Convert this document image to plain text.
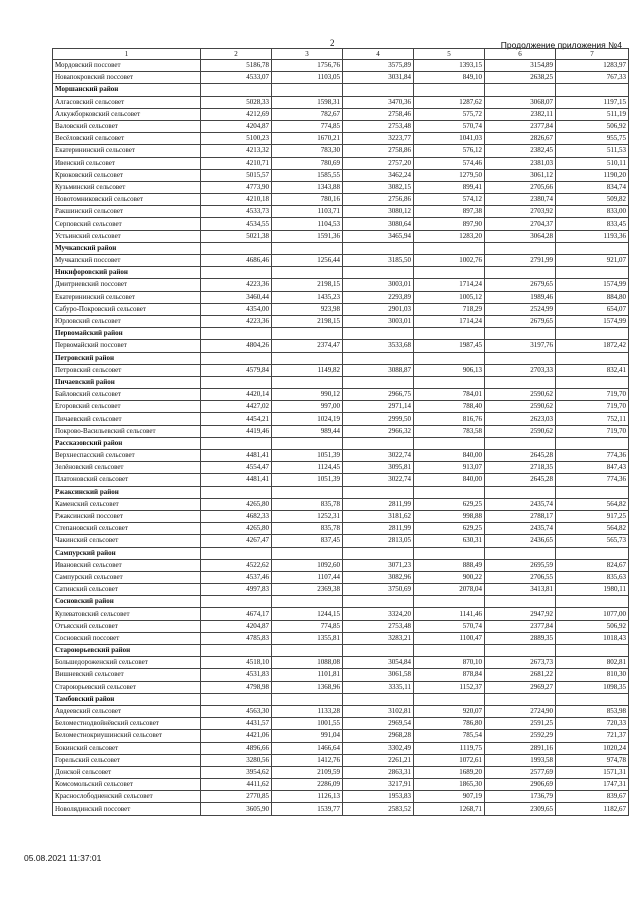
2	Продолжение приложения №4
1	2	3	4	5	6	7
Мордовский поссовет	5186,78	1756,76	3575,89	1393,15	3154,89	1283,97
Новапокровский поссовет	4533,07	1103,05	3031,84	849,10	2638,25	767,33
Моршанский район						
Алгасовский сельсовет	5028,33	1598,31	3470,36	1287,62	3068,07	1197,15
Алкужборковский сельсовет	4212,69	782,67	2758,46	575,72	2382,11	511,19
Валовский сельсовет	4204,87	774,85	2753,48	570,74	2377,84	506,92
Весёловский сельсовет	5100,23	1670,21	3223,77	1041,03	2826,67	955,75
Екатерининский сельсовет	4213,32	783,30	2758,86	576,12	2382,45	511,53
Ивенский сельсовет	4210,71	780,69	2757,20	574,46	2381,03	510,11
Крюковский сельсовет	5015,57	1585,55	3462,24	1279,50	3061,12	1190,20
Кузьминский сельсовет	4773,90	1343,88	3082,15	899,41	2705,66	834,74
Новотомниковский сельсовет	4210,18	780,16	2756,86	574,12	2380,74	509,82
Ракшинский сельсовет	4533,73	1103,71	3080,12	897,38	2703,92	833,00
Серповский сельсовет	4534,55	1104,53	3080,64	897,90	2704,37	833,45
Устьинский сельсовет	5021,38	1591,36	3465,94	1283,20	3064,28	1193,36
Мучкапский район						
Мучкапский поссовет	4686,46	1256,44	3185,50	1002,76	2791,99	921,07
Никифоровский район						
Дмитриевский поссовет	4223,36	2198,15	3003,01	1714,24	2679,65	1574,99
Екатерининский сельсовет	3460,44	1435,23	2293,89	1005,12	1989,46	884,80
Сабуро-Покровский сельсовет	4354,00	923,98	2901,03	718,29	2524,99	654,07
Юрловский сельсовет	4223,36	2198,15	3003,01	1714,24	2679,65	1574,99
Первомайский район						
Первомайский поссовет	4804,26	2374,47	3533,68	1987,45	3197,76	1872,42
Петровский район						
Петровский сельсовет	4579,84	1149,82	3088,87	906,13	2703,33	832,41
Пичаевский район						
Байловский сельсовет	4420,14	990,12	2966,75	784,01	2590,62	719,70
Егоровский сельсовет	4427,02	997,00	2971,14	788,40	2590,62	719,70
Пичаевский сельсовет	4454,21	1024,19	2999,50	816,76	2623,03	752,11
Покрово-Васильевский сельсовет	4419,46	989,44	2966,32	783,58	2590,62	719,70
Рассказовский район						
Верхнеспасский сельсовет	4481,41	1051,39	3022,74	840,00	2645,28	774,36
Зелёновский сельсовет	4554,47	1124,45	3095,81	913,07	2718,35	847,43
Платоновский сельсовет	4481,41	1051,39	3022,74	840,00	2645,28	774,36
Ржаксинский район						
Каменский сельсовет	4265,80	835,78	2811,99	629,25	2435,74	564,82
Ржаксинский поссовет	4682,33	1252,31	3181,62	998,88	2788,17	917,25
Степановский сельсовет	4265,80	835,78	2811,99	629,25	2435,74	564,82
Чакинский сельсовет	4267,47	837,45	2813,05	630,31	2436,65	565,73
Сампурский район						
Ивановский сельсовет	4522,62	1092,60	3071,23	888,49	2695,59	824,67
Сампурский сельсовет	4537,46	1107,44	3082,96	900,22	2706,55	835,63
Сатинский сельсовет	4997,83	2369,38	3750,69	2078,04	3413,81	1980,11
Сосновский район						
Кулеватовский сельсовет	4674,17	1244,15	3324,20	1141,46	2947,92	1077,00
Отъясский сельсовет	4204,87	774,85	2753,48	570,74	2377,84	506,92
Сосновский поссовет	4785,83	1355,81	3283,21	1100,47	2889,35	1018,43
Староюрьевский район						
Большедороженский сельсовет	4518,10	1088,08	3054,84	870,10	2673,73	802,81
Вишневский сельсовет	4531,83	1101,81	3061,58	878,84	2681,22	810,30
Староюрьевский сельсовет	4798,98	1368,96	3335,11	1152,37	2969,27	1098,35
Тамбовский район						
Авдеевский сельсовет	4563,30	1133,28	3102,81	920,07	2724,90	853,98
Беломестнодвойнёвский сельсовет	4431,57	1001,55	2969,54	786,80	2591,25	720,33
Беломестнокриушинский сельсовет	4421,06	991,04	2968,28	785,54	2592,29	721,37
Бокинский сельсовет	4896,66	1466,64	3302,49	1119,75	2891,16	1020,24
Горельский сельсовет	3280,56	1412,76	2261,21	1072,61	1993,58	974,78
Донской сельсовет	3954,62	2109,59	2863,31	1689,20	2577,69	1571,31
Комсомольский сельсовет	4411,62	2286,09	3217,91	1865,30	2906,69	1747,31
Краснослободненский сельсовет	2770,85	1126,13	1953,83	907,19	1736,79	839,67
Новолядинский поссовет	3605,90	1539,77	2583,52	1268,71	2309,65	1182,67
05.08.2021 11:37:01
